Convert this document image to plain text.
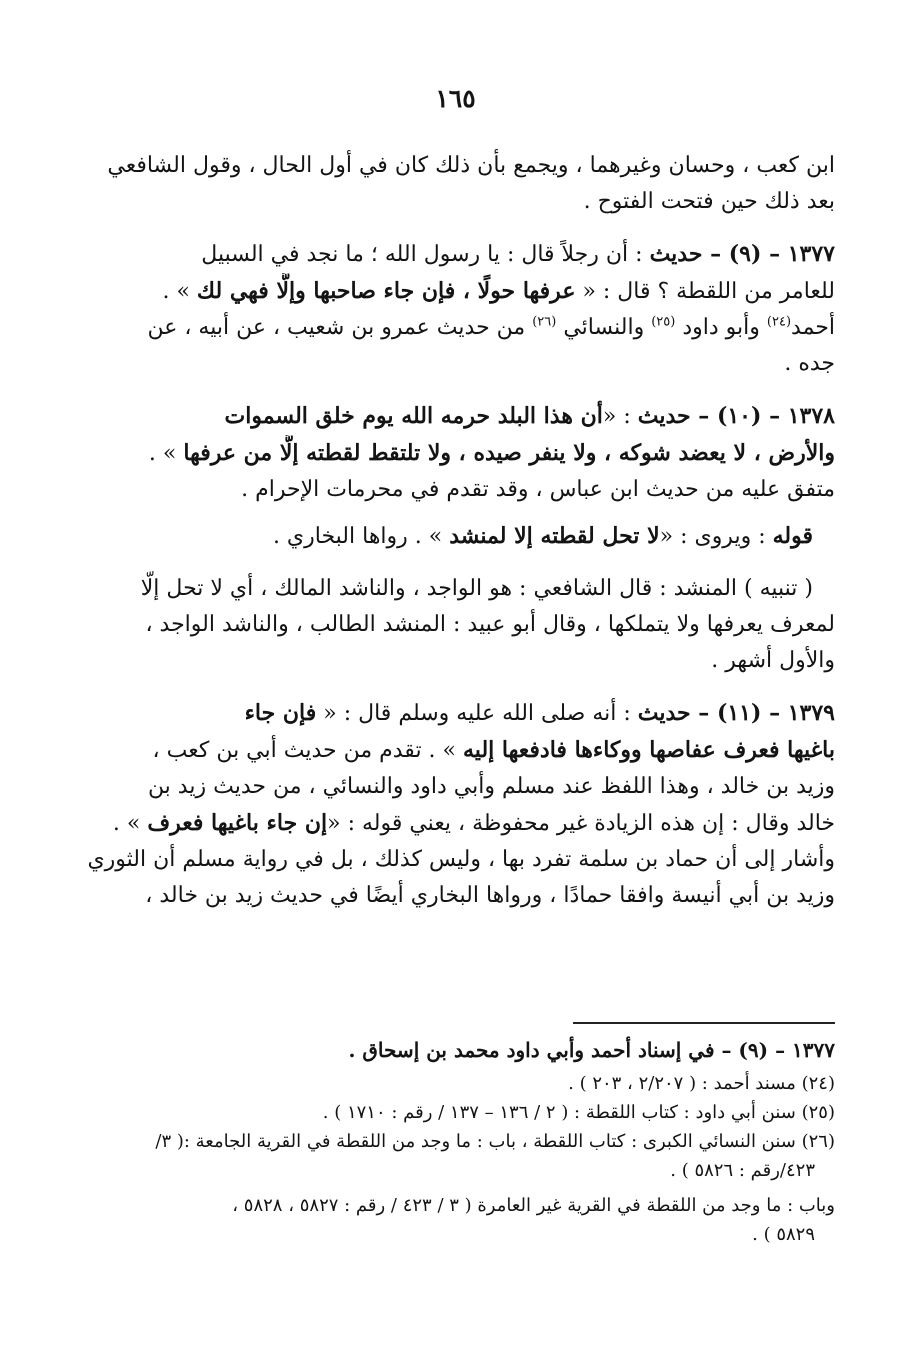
١٦٥

ابن كعب ، وحسان وغيرهما ، ويجمع بأن ذلك كان في أول الحال ، وقول الشافعي
بعد ذلك حين فتحت الفتوح .

١٣٧٧ – (٩) – حديث : أن رجلاً قال : يا رسول الله ؛ ما نجد في السبيل
للعامر من اللقطة ؟ قال : « عرفها حولًا ، فإن جاء صاحبها وإلَّا فهي لك » .
أحمد$^{(٢٤)}$ وأبو داود $^{(٢٥)}$ والنسائي $^{(٢٦)}$ من حديث عمرو بن شعيب ، عن أبيه ، عن
جده .

١٣٧٨ – (١٠) – حديث : «أن هذا البلد حرمه الله يوم خلق السموات
والأرض ، لا يعضد شوكه ، ولا ينفر صيده ، ولا تلتقط لقطته إلَّا من عرفها » .
متفق عليه من حديث ابن عباس ، وقد تقدم في محرمات الإحرام .

قوله : ويروى : «لا تحل لقطته إلا لمنشد » . رواها البخاري .

( تنبيه ) المنشد : قال الشافعي : هو الواجد ، والناشد المالك ، أي لا تحل إلَّا
لمعرف يعرفها ولا يتملكها ، وقال أبو عبيد : المنشد الطالب ، والناشد الواجد ،
والأول أشهر .

١٣٧٩ – (١١) – حديث : أنه صلى الله عليه وسلم قال : « فإن جاء
باغيها فعرف عفاصها ووكاءها فادفعها إليه » . تقدم من حديث أبي بن كعب ،
وزيد بن خالد ، وهذا اللفظ عند مسلم وأبي داود والنسائي ، من حديث زيد بن
خالد وقال : إن هذه الزيادة غير محفوظة ، يعني قوله : «إن جاء باغيها فعرف » .
وأشار إلى أن حماد بن سلمة تفرد بها ، وليس كذلك ، بل في رواية مسلم أن الثوري
وزيد بن أبي أنيسة وافقا حمادًا ، ورواها البخاري أيضًا في حديث زيد بن خالد ،

١٣٧٧ – (٩) – في إسناد أحمد وأبي داود محمد بن إسحاق .
(٢٤) مسند أحمد : ( ٢/٢٠٧ ، ٢٠٣ ) .
(٢٥) سنن أبي داود : كتاب اللقطة : ( ٢ / ١٣٦ – ١٣٧ / رقم : ١٧١٠ ) .
(٢٦) سنن النسائي الكبرى : كتاب اللقطة ، باب : ما وجد من اللقطة في القرية الجامعة :( ٣/
٤٢٣/رقم : ٥٨٢٦ ) .
وباب : ما وجد من اللقطة في القرية غير العامرة ( ٣ / ٤٢٣ / رقم : ٥٨٢٧ ، ٥٨٢٨ ،
٥٨٢٩ ) .
